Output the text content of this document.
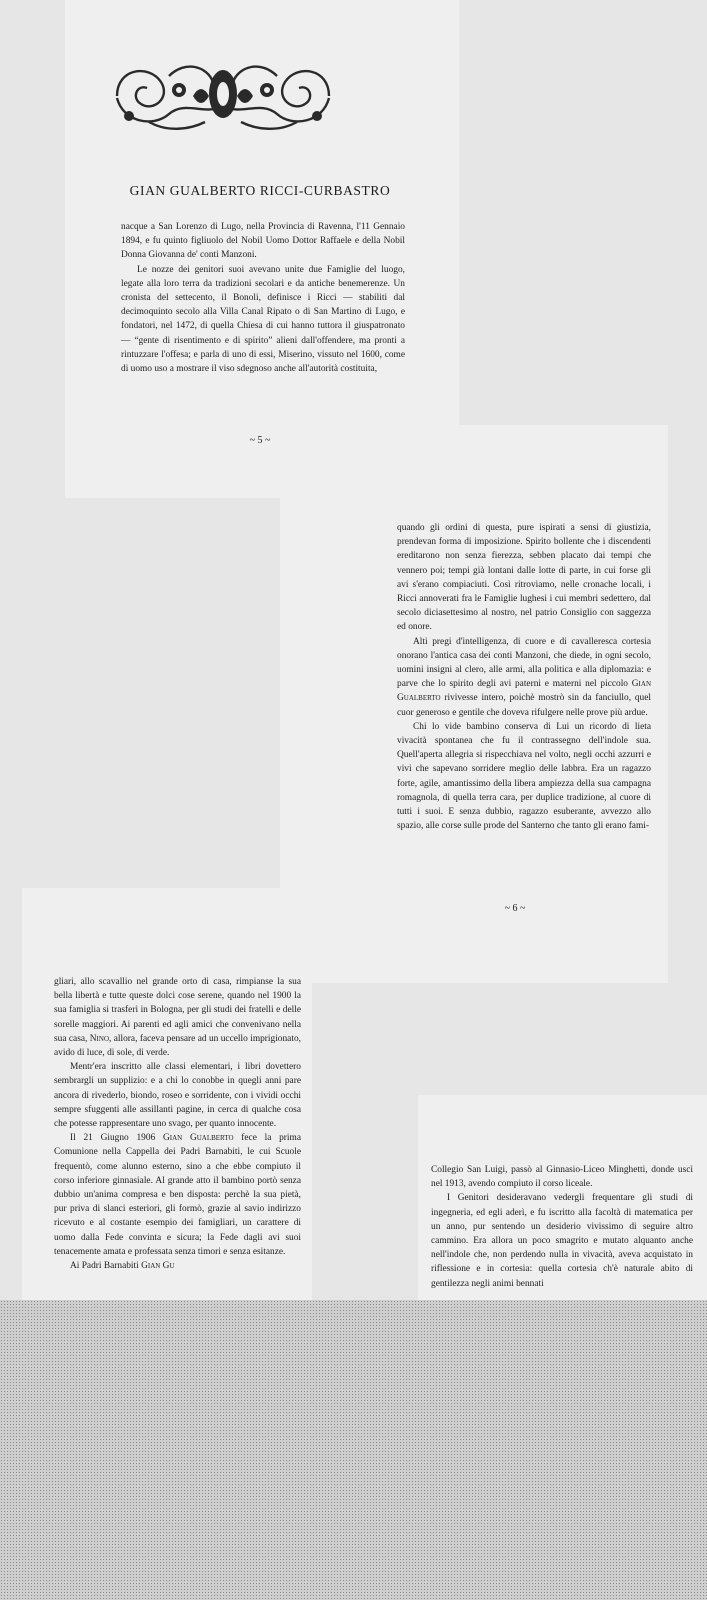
GIAN GUALBERTO RICCI-CURBASTRO

nacque a San Lorenzo di Lugo, nella Provincia di Ravenna, l'11 Gennaio 1894, e fu quinto figliuolo del Nobil Uomo Dottor Raffaele e della Nobil Donna Giovanna de' conti Manzoni.

Le nozze dei genitori suoi avevano unite due Famiglie del luogo, legate alla loro terra da tradizioni secolari e da antiche benemerenze. Un cronista del settecento, il Bonoli, definisce i Ricci — stabiliti dal decimoquinto secolo alla Villa Canal Ripato o di San Martino di Lugo, e fondatori, nel 1472, di quella Chiesa di cui hanno tuttora il giuspatronato — “gente di risentimento e di spirito” alieni dall'offendere, ma pronti a rintuzzare l'offesa; e parla di uno di essi, Miserino, vissuto nel 1600, come di uomo uso a mostrare il viso sdegnoso anche all'autorità costituita,

~ 5 ~

quando gli ordini di questa, pure ispirati a sensi di giustizia, prendevan forma di imposizione. Spirito bollente che i discendenti ereditarono non senza fierezza, sebben placato dai tempi che vennero poi; tempi già lontani dalle lotte di parte, in cui forse gli avi s'erano compiaciuti. Così ritroviamo, nelle cronache locali, i Ricci annoverati fra le Famiglie lughesi i cui membri sedettero, dal secolo diciasettesimo al nostro, nel patrio Consiglio con saggezza ed onore.

Alti pregi d'intelligenza, di cuore e di cavalleresca cortesia onorano l'antica casa dei conti Manzoni, che diede, in ogni secolo, uomini insigni al clero, alle armi, alla politica e alla diplomazia: e parve che lo spirito degli avi paterni e materni nel piccolo Gian Gualberto rivivesse intero, poichè mostrò sin da fanciullo, quel cuor generoso e gentile che doveva rifulgere nelle prove più ardue.

Chi lo vide bambino conserva di Lui un ricordo di lieta vivacità spontanea che fu il contrassegno dell'indole sua. Quell'aperta allegria si rispecchiava nel volto, negli occhi azzurri e vivi che sapevano sorridere meglio delle labbra. Era un ragazzo forte, agile, amantissimo della libera ampiezza della sua campagna romagnola, di quella terra cara, per duplice tradizione, al cuore di tutti i suoi. E senza dubbio, ragazzo esuberante, avvezzo allo spazio, alle corse sulle prode del Santerno che tanto gli erano fami-

~ 6 ~

gliari, allo scavallio nel grande orto di casa, rimpianse la sua bella libertà e tutte queste dolci cose serene, quando nel 1900 la sua famiglia si trasferì in Bologna, per gli studi dei fratelli e delle sorelle maggiori. Ai parenti ed agli amici che convenivano nella sua casa, Nino, allora, faceva pensare ad un uccello imprigionato, avido di luce, di sole, di verde.

Mentr'era inscritto alle classi elementari, i libri dovettero sembrargli un supplizio: e a chi lo conobbe in quegli anni pare ancora di rivederlo, biondo, roseo e sorridente, con i vividi occhi sempre sfuggenti alle assillanti pagine, in cerca di qualche cosa che potesse rappresentare uno svago, per quanto innocente.

Il 21 Giugno 1906 Gian Gualberto fece la prima Comunione nella Cappella dei Padri Barnabiti, le cui Scuole frequentò, come alunno esterno, sino a che ebbe compiuto il corso inferiore ginnasiale. Al grande atto il bambino portò senza dubbio un'anima compresa e ben disposta: perchè la sua pietà, pur priva di slanci esteriori, gli formò, grazie al savio indirizzo ricevuto e al costante esempio dei famigliari, un carattere di uomo dalla Fede convinta e sicura; la Fede dagli avi suoi tenacemente amata e professata senza timori e senza esitanze.

Ai Padri Barnabiti Gian Gu

Collegio San Luigi, passò al Ginnasio-Liceo Minghetti, donde uscì nel 1913, avendo compiuto il corso liceale.

I Genitori desideravano vedergli frequentare gli studi di ingegneria, ed egli aderì, e fu iscritto alla facoltà di matematica per un anno, pur sentendo un desiderio vivissimo di seguire altro cammino. Era allora un poco smagrito e mutato alquanto anche nell'indole che, non perdendo nulla in vivacità, aveva acquistato in riflessione e in cortesia: quella cortesia ch'è naturale abito di gentilezza negli animi bennati
